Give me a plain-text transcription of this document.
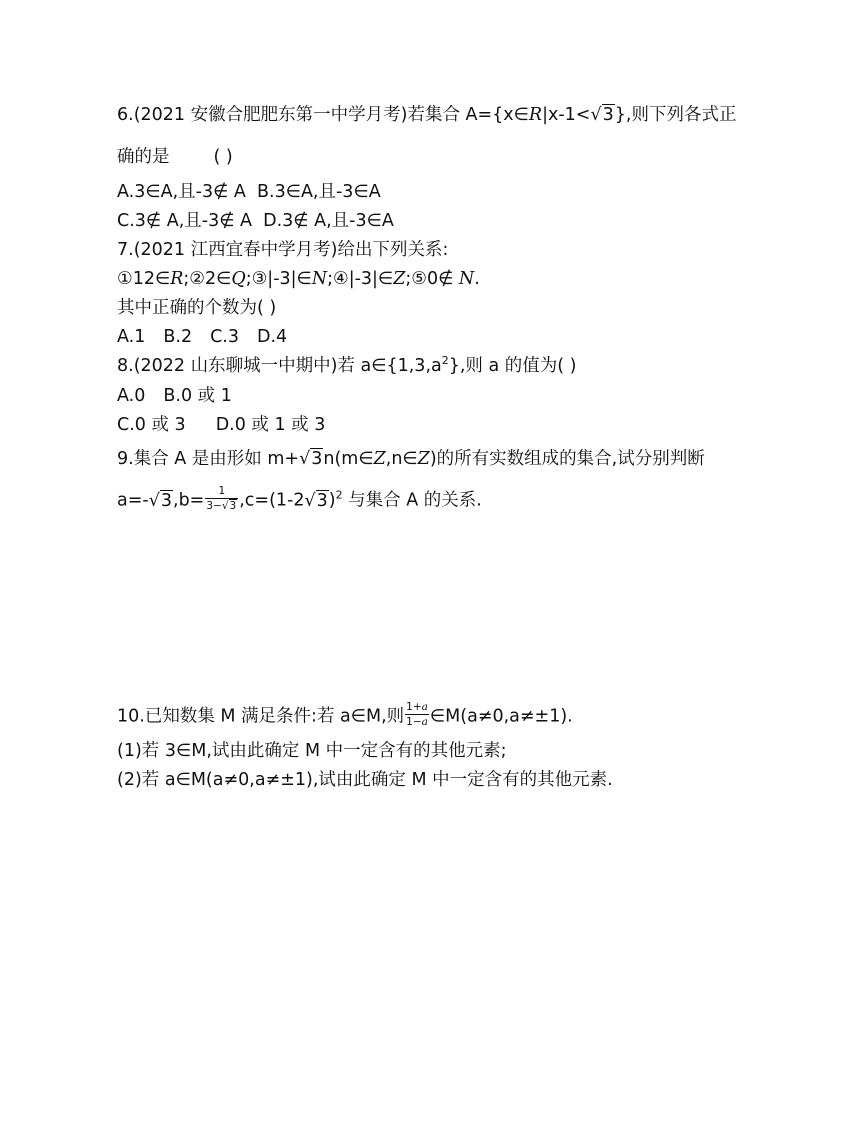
6.(2021 安徽合肥肥东第一中学月考)若集合 A={x∈R|x-1<√3},则下列各式正
确的是	( )
A.3∈A,且-3∉ A B.3∈A,且-3∈A
C.3∉ A,且-3∉ A D.3∉ A,且-3∈A
7.(2021 江西宜春中学月考)给出下列关系:
①12∈R;②2∈Q;③|-3|∈N;④|-3|∈Z;⑤0∉ N.
其中正确的个数为( )
A.1 B.2 C.3 D.4
8.(2022 山东聊城一中期中)若 $a\in\{1,3,a^2\}$,则 a 的值为( )
A.0 B.0 或 1
C.0 或 3 D.0 或 1 或 3
9.集合 A 是由形如 m+√3n(m∈Z,n∈Z)的所有实数组成的集合,试分别判断
$a=-√3,b= \frac{1}{3-√3} ,c=(1-2√3)^2$ 与集合 A 的关系.
10.已知数集 M 满足条件:若 a∈M,则 $\frac{1+a}{1-a}$ ∈M(a≠0,a≠±1).
(1)若 3∈M,试由此确定 M 中一定含有的其他元素;
(2)若 a∈M(a≠0,a≠±1),试由此确定 M 中一定含有的其他元素.
